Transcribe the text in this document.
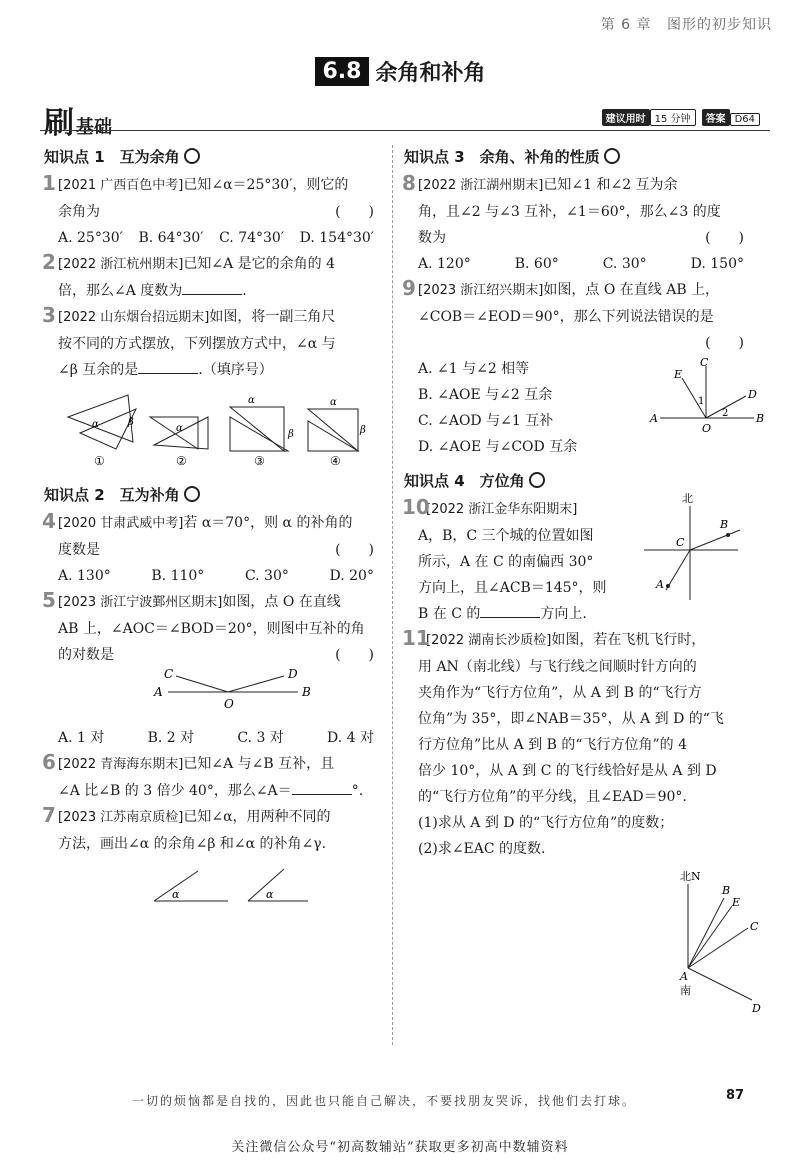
第 6 章 图形的初步知识
6.8 余角和补角
刷基础	建议用时 15 分钟 答案 D64
知识点 1　互为余角
1 [2021 广西百色中考]已知∠α＝25°30′，则它的
余角为	(　　)
A. 25°30′ B. 64°30′ C. 74°30′ D. 154°30′
2 [2022 浙江杭州期末]已知∠A 是它的余角的 4
倍，那么∠A 度数为	.
3 [2022 山东烟台招远期末]如图，将一副三角尺
按不同的方式摆放，下列摆放方式中，∠α 与
∠β 互余的是	.（填序号）
α	β
α
α
β
α
β
①	②	③	④
知识点 2　互为补角
4 [2020 甘肃武威中考]若 α＝70°，则 α 的补角的
度数是	(　　)
A. 130°	B. 110°	C. 30°	D. 20°
5 [2023 浙江宁波鄞州区期末]如图，点 O 在直线
AB 上，∠AOC＝∠BOD＝20°，则图中互补的角
的对数是	(　　)
C	D
A	B
O
A. 1 对	B. 2 对	C. 3 对	D. 4 对
6 [2022 青海海东期末]已知∠A 与∠B 互补，且
∠A 比∠B 的 3 倍少 40°，那么∠A＝	°.
7 [2023 江苏南京质检]已知∠α，用两种不同的
方法，画出∠α 的余角∠β 和∠α 的补角∠γ.
α	α
知识点 3　余角、补角的性质
8 [2022 浙江湖州期末]已知∠1 和∠2 互为余
角，且∠2 与∠3 互补，∠1＝60°，那么∠3 的度
数为	(　　)
A. 120°	B. 60°	C. 30°	D. 150°
9 [2023 浙江绍兴期末]如图，点 O 在直线 AB 上，
∠COB＝∠EOD＝90°，那么下列说法错误的是
(　　)
A. ∠1 与∠2 相等
B. ∠AOE 与∠2 互余
C. ∠AOD 与∠1 互补
D. ∠AOE 与∠COD 互余
C
E
D
A	B
O
1
2
知识点 4　方位角
10
[2022 浙江金华东阳期末]
A，B，C 三个城的位置如图
所示，A 在 C 的南偏西 30°
方向上，且∠ACB＝145°，则
B 在 C 的	方向上.
北
C
B
A
11
[2022 湖南长沙质检]如图，若在飞机飞行时，
用 AN（南北线）与飞行线之间顺时针方向的
夹角作为“飞行方位角”，从 A 到 B 的“飞行方
位角”为 35°，即∠NAB＝35°，从 A 到 D 的“飞
行方位角”比从 A 到 B 的“飞行方位角”的 4
倍少 10°，从 A 到 C 的飞行线恰好是从 A 到 D
的“飞行方位角”的平分线，且∠EAD＝90°.
(1)求从 A 到 D 的“飞行方位角”的度数；
(2)求∠EAC 的度数.
北N
B
E
C
A
南
D
一切的烦恼都是自找的，因此也只能自己解决，不要找朋友哭诉，找他们去打球。	87
关注微信公众号“初高数辅站”获取更多初高中数辅资料
